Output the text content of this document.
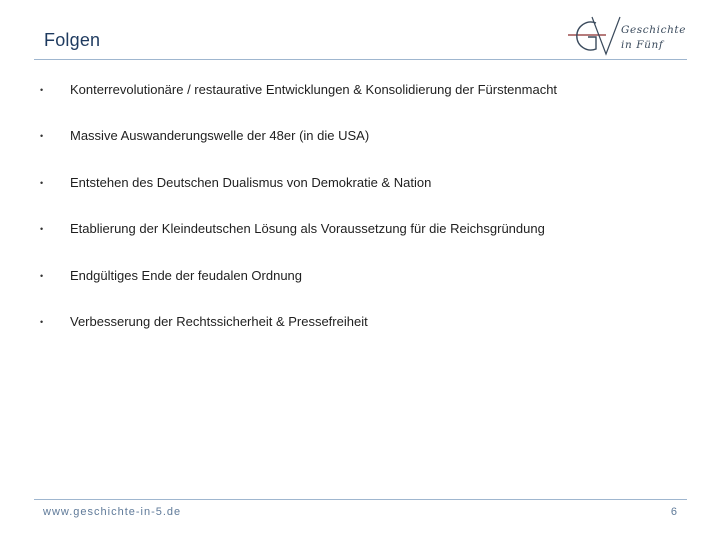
Folgen	Geschichte
in Fünf
• Konterrevolutionäre / restaurative Entwicklungen & Konsolidierung der Fürstenmacht
• Massive Auswanderungswelle der 48er (in die USA)
• Entstehen des Deutschen Dualismus von Demokratie & Nation
• Etablierung der Kleindeutschen Lösung als Voraussetzung für die Reichsgründung
• Endgültiges Ende der feudalen Ordnung
• Verbesserung der Rechtssicherheit & Pressefreiheit
www.geschichte-in-5.de	6
